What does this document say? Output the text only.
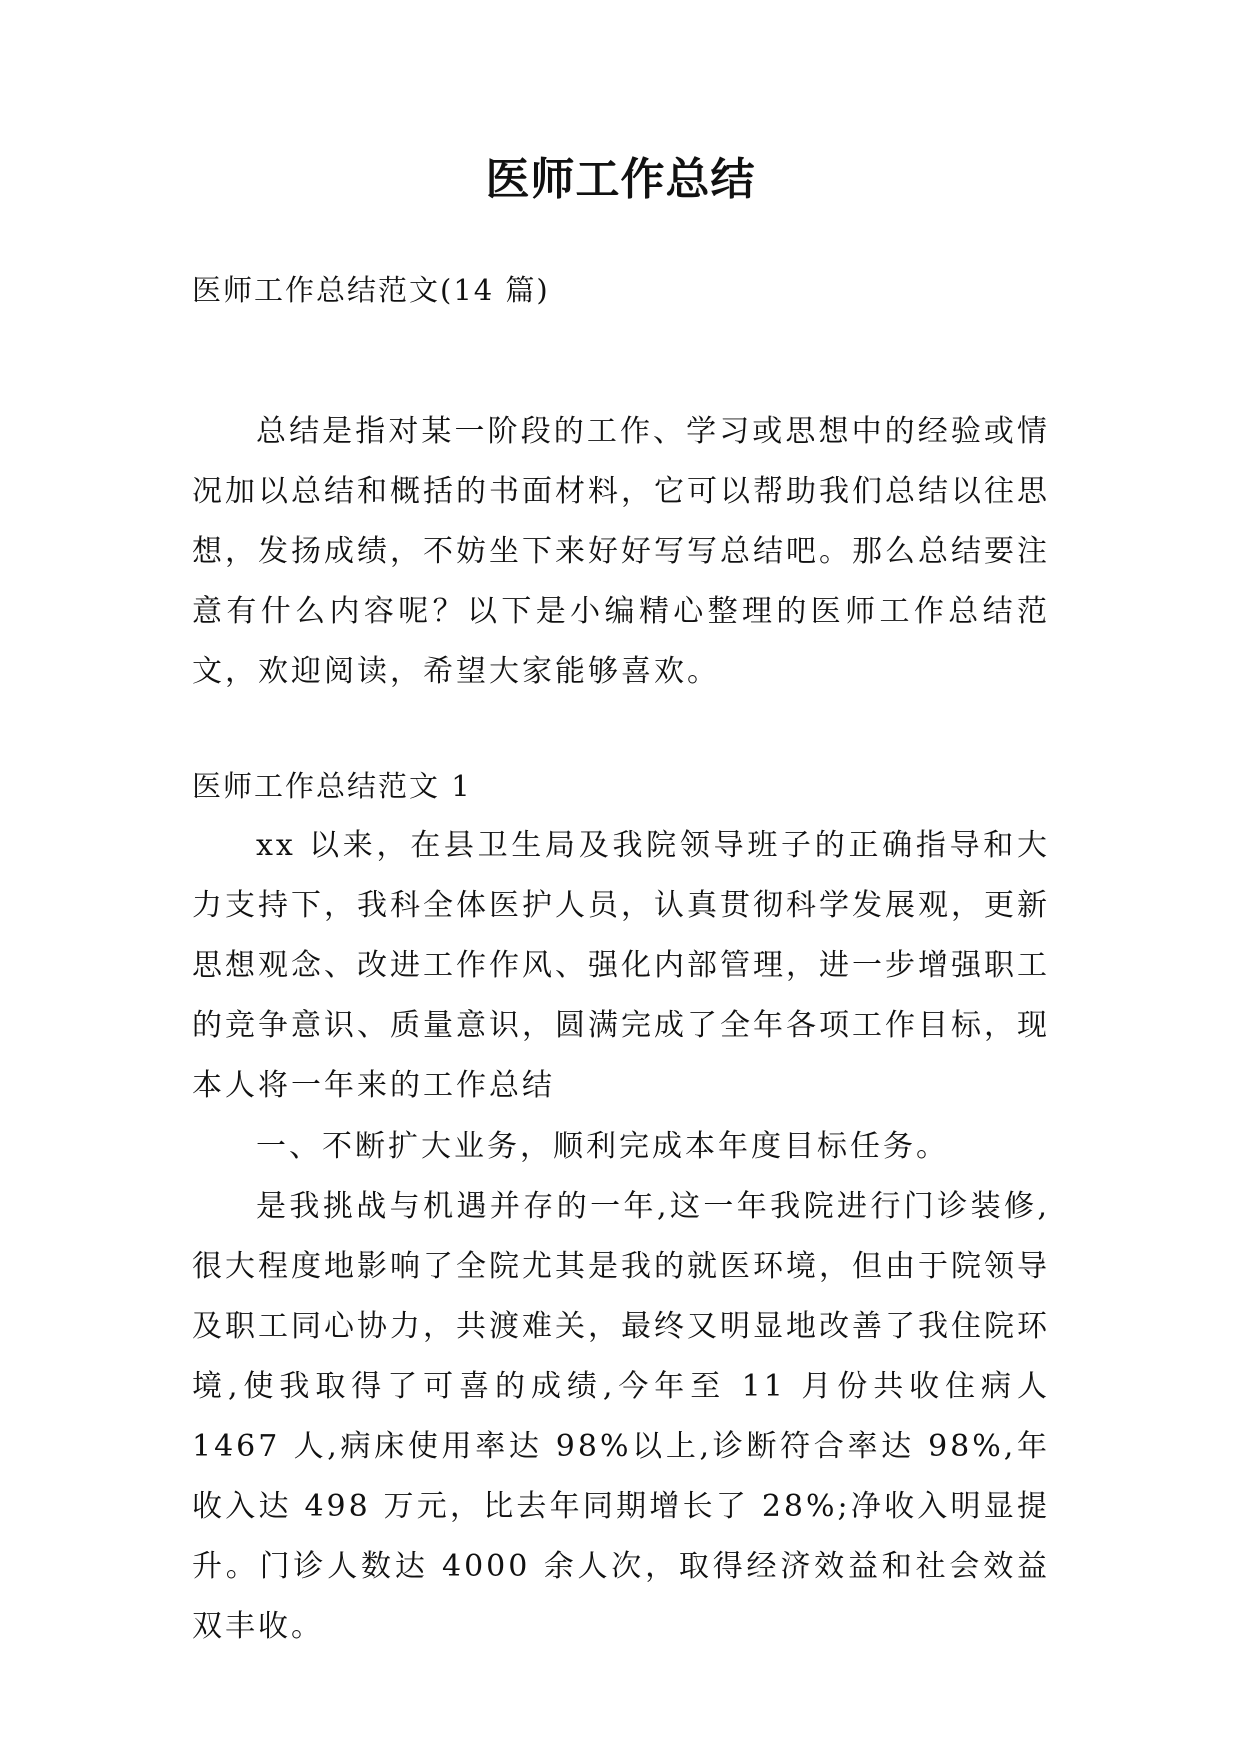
医师工作总结

医师工作总结范文(14 篇)

总结是指对某一阶段的工作、学习或思想中的经验或情况加以总结和概括的书面材料，它可以帮助我们总结以往思想，发扬成绩，不妨坐下来好好写写总结吧。那么总结要注意有什么内容呢？以下是小编精心整理的医师工作总结范文，欢迎阅读，希望大家能够喜欢。

医师工作总结范文 1

xx 以来，在县卫生局及我院领导班子的正确指导和大力支持下，我科全体医护人员，认真贯彻科学发展观，更新思想观念、改进工作作风、强化内部管理，进一步增强职工的竞争意识、质量意识，圆满完成了全年各项工作目标，现本人将一年来的工作总结

一、不断扩大业务，顺利完成本年度目标任务。

是我挑战与机遇并存的一年,这一年我院进行门诊装修,很大程度地影响了全院尤其是我的就医环境，但由于院领导及职工同心协力，共渡难关，最终又明显地改善了我住院环境,使我取得了可喜的成绩,今年至 11 月份共收住病人 1467 人,病床使用率达 98%以上,诊断符合率达 98%,年收入达 498 万元，比去年同期增长了 28%;净收入明显提升。门诊人数达 4000 余人次，取得经济效益和社会效益双丰收。
